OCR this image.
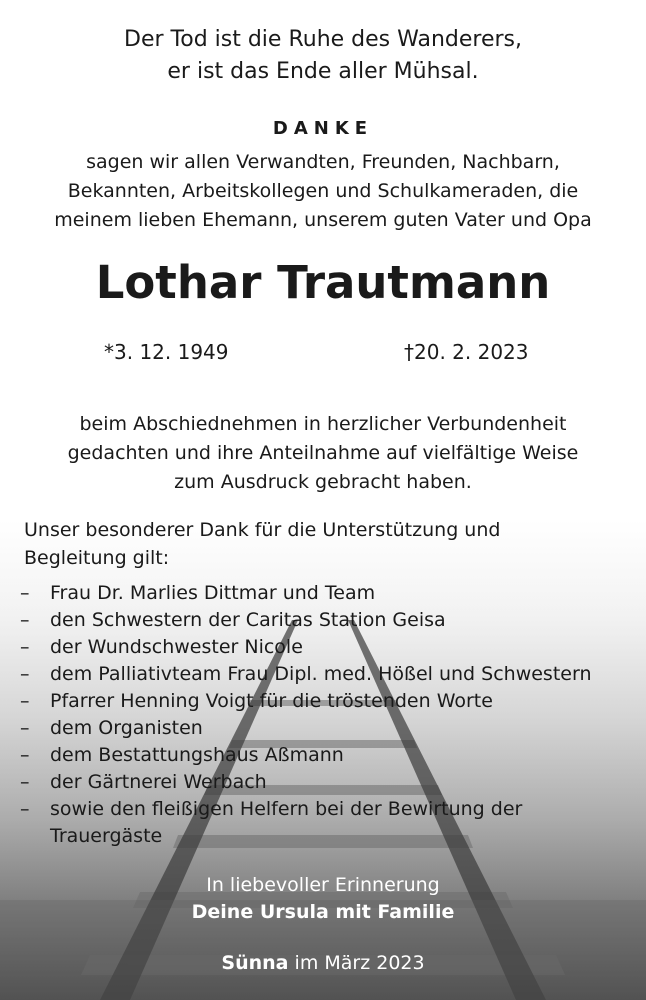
Der Tod ist die Ruhe des Wanderers,
er ist das Ende aller Mühsal.
DANKE
sagen wir allen Verwandten, Freunden, Nachbarn,
Bekannten, Arbeitskollegen und Schulkameraden, die
meinem lieben Ehemann, unserem guten Vater und Opa
Lothar Trautmann
*3. 12. 1949	†20. 2. 2023
beim Abschiednehmen in herzlicher Verbundenheit
gedachten und ihre Anteilnahme auf vielfältige Weise
zum Ausdruck gebracht haben.
Unser besonderer Dank für die Unterstützung und
Begleitung gilt:
–	Frau Dr. Marlies Dittmar und Team
–	den Schwestern der Caritas Station Geisa
–	der Wundschwester Nicole
–	dem Palliativteam Frau Dipl. med. Hößel und Schwestern
–	Pfarrer Henning Voigt für die tröstenden Worte
–	dem Organisten
–	dem Bestattungshaus Aßmann
–	der Gärtnerei Werbach
–	sowie den fleißigen Helfern bei der Bewirtung der
Trauergäste
In liebevoller Erinnerung
Deine Ursula mit Familie
Sünna im März 2023
